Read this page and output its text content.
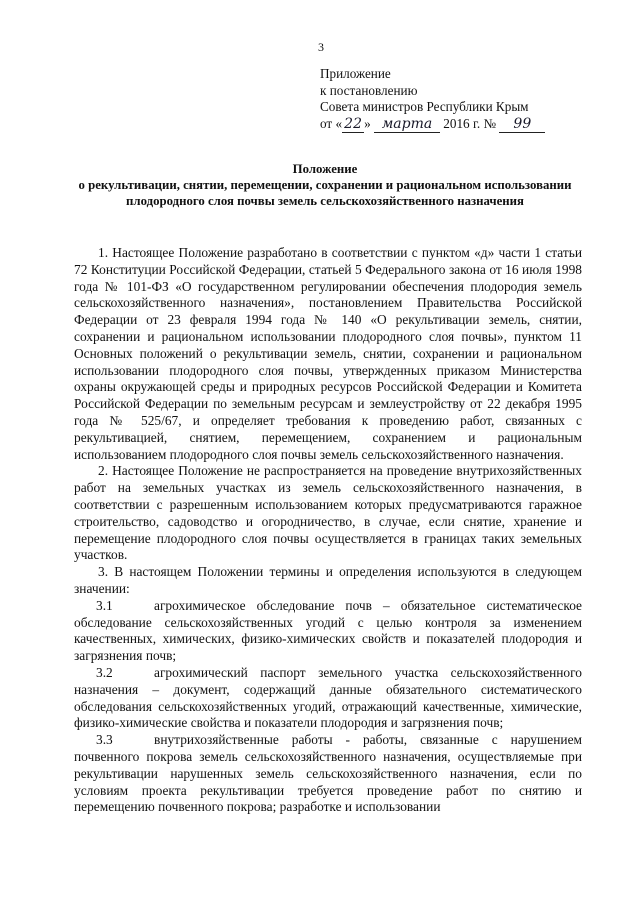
3
Приложение
к постановлению
Совета министров Республики Крым
от « 22 » марта 2016 г. № 99
Положение
о рекультивации, снятии, перемещении, сохранении и рациональном использовании плодородного слоя почвы земель сельскохозяйственного назначения

1. Настоящее Положение разработано в соответствии с пунктом «д» части 1 статьи 72 Конституции Российской Федерации, статьей 5 Федерального закона от 16 июля 1998 года № 101-ФЗ «О государственном регулировании обеспечения плодородия земель сельскохозяйственного назначения», постановлением Правительства Российской Федерации от 23 февраля 1994 года № 140 «О рекультивации земель, снятии, сохранении и рациональном использовании плодородного слоя почвы», пунктом 11 Основных положений о рекультивации земель, снятии, сохранении и рациональном использовании плодородного слоя почвы, утвержденных приказом Министерства охраны окружающей среды и природных ресурсов Российской Федерации и Комитета Российской Федерации по земельным ресурсам и землеустройству от 22 декабря 1995 года № 525/67, и определяет требования к проведению работ, связанных с рекультивацией, снятием, перемещением, сохранением и рациональным использованием плодородного слоя почвы земель сельскохозяйственного назначения.

2. Настоящее Положение не распространяется на проведение внутрихозяйственных работ на земельных участках из земель сельскохозяйственного назначения, в соответствии с разрешенным использованием которых предусматриваются гаражное строительство, садоводство и огородничество, в случае, если снятие, хранение и перемещение плодородного слоя почвы осуществляется в границах таких земельных участков.

3. В настоящем Положении термины и определения используются в следующем значении:

3.1	агрохимическое обследование почв – обязательное систематическое обследование сельскохозяйственных угодий с целью контроля за изменением качественных, химических, физико-химических свойств и показателей плодородия и загрязнения почв;

3.2	агрохимический паспорт земельного участка сельскохозяйственного назначения – документ, содержащий данные обязательного систематического обследования сельскохозяйственных угодий, отражающий качественные, химические, физико-химические свойства и показатели плодородия и загрязнения почв;

3.3	внутрихозяйственные работы - работы, связанные с нарушением почвенного покрова земель сельскохозяйственного назначения, осуществляемые при рекультивации нарушенных земель сельскохозяйственного назначения, если по условиям проекта рекультивации требуется проведение работ по снятию и перемещению почвенного покрова; разработке и использовании
